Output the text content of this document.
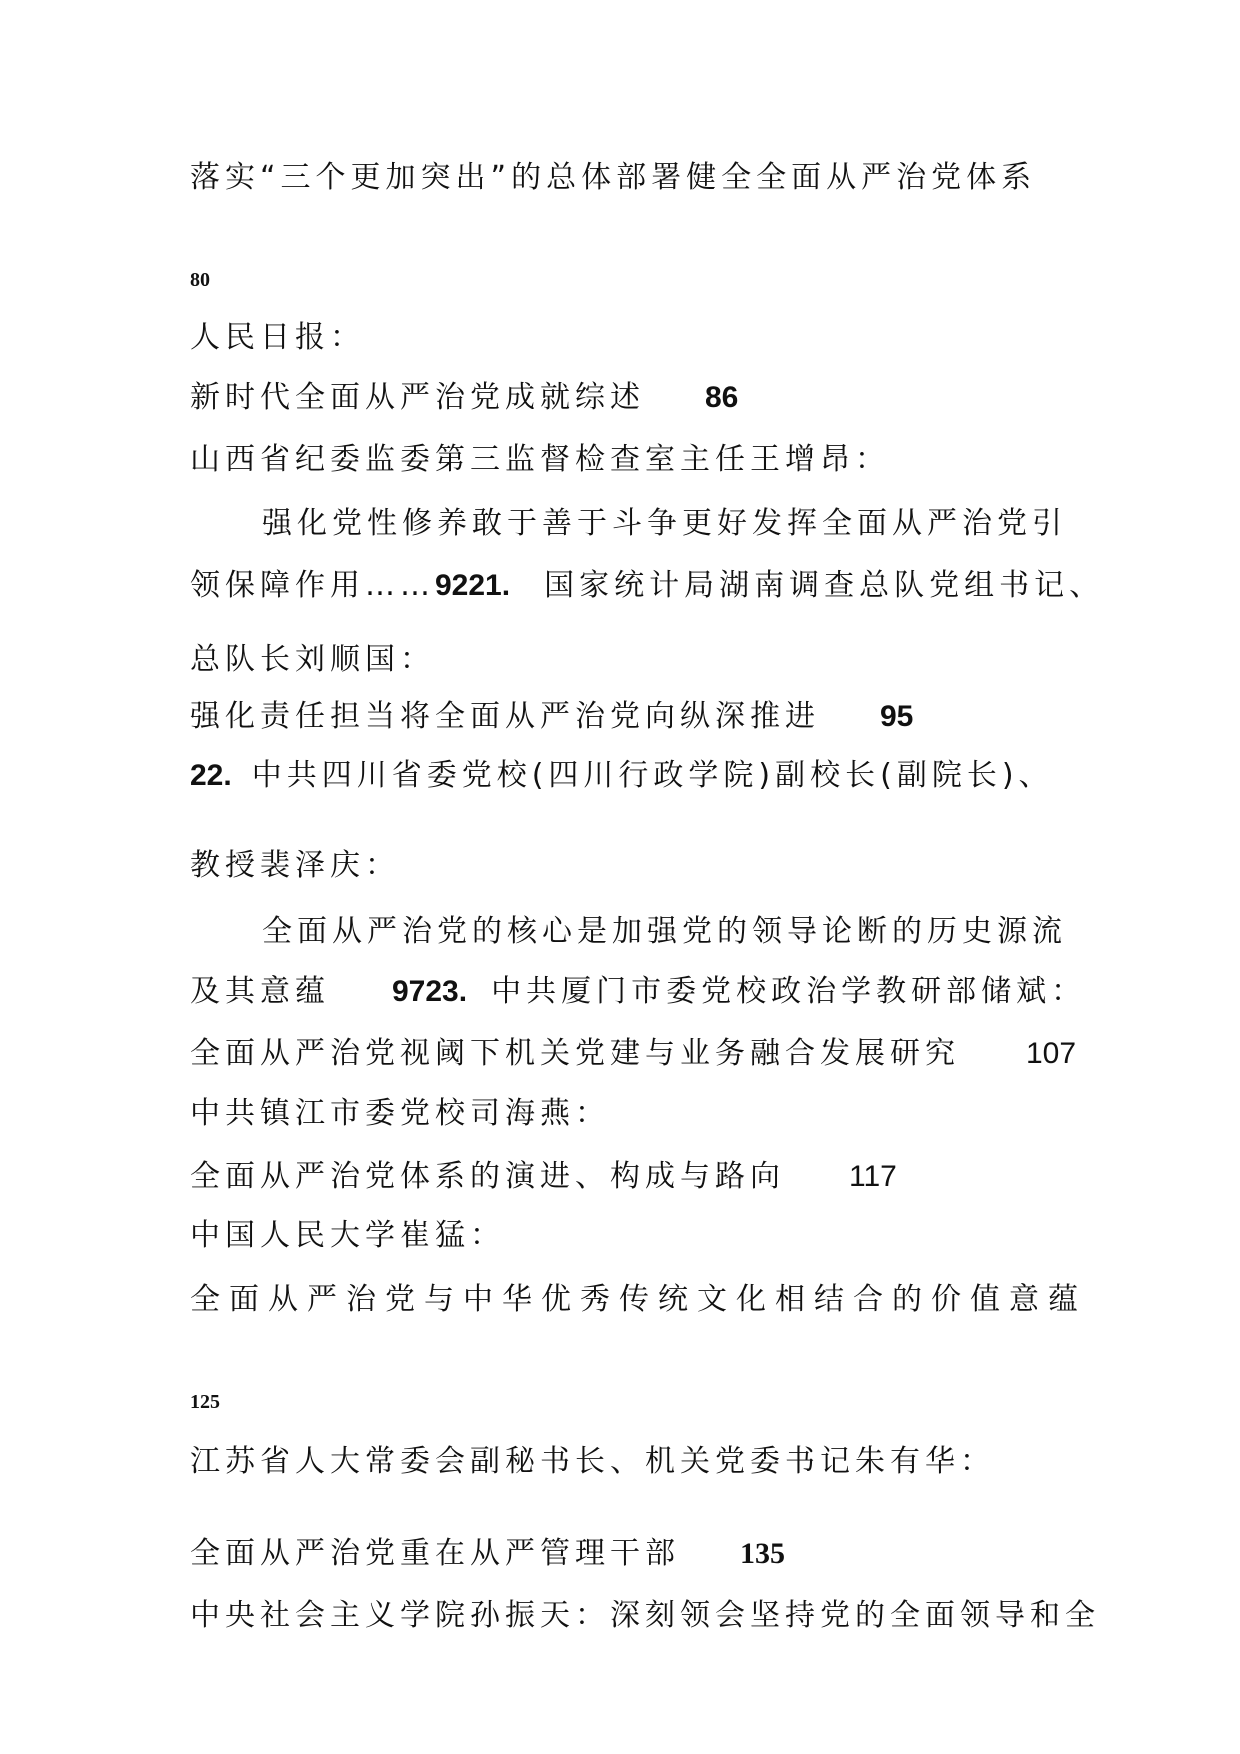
落实“三个更加突出”的总体部署健全全面从严治党体系
80
人民日报：
新时代全面从严治党成就综述 86
山西省纪委监委第三监督检查室主任王增昂：
强化党性修养敢于善于斗争更好发挥全面从严治党引
领保障作用……9221. 国家统计局湖南调查总队党组书记、
总队长刘顺国：
强化责任担当将全面从严治党向纵深推进 95
22. 中共四川省委党校(四川行政学院)副校长(副院长)、
教授裴泽庆：
全面从严治党的核心是加强党的领导论断的历史源流
及其意蕴 9723. 中共厦门市委党校政治学教研部储斌：
全面从严治党视阈下机关党建与业务融合发展研究 107
中共镇江市委党校司海燕：
全面从严治党体系的演进、构成与路向 117
中国人民大学崔猛：
全面从严治党与中华优秀传统文化相结合的价值意蕴
125
江苏省人大常委会副秘书长、机关党委书记朱有华：
全面从严治党重在从严管理干部 135
中央社会主义学院孙振天：深刻领会坚持党的全面领导和全
